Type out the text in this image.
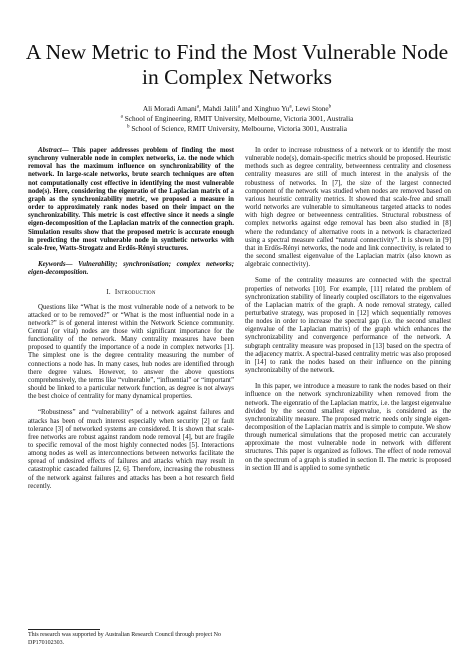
A New Metric to Find the Most Vulnerable Node in Complex Networks
Ali Moradi Amani$^a$, Mahdi Jalili$^a$ and Xinghuo Yu$^a$, Lewi Stone$^b$
$^a$ School of Engineering, RMIT University, Melbourne, Victoria 3001, Australia
$^b$ School of Science, RMIT University, Melbourne, Victoria 3001, Australia

Abstract— This paper addresses problem of finding the most synchrony vulnerable node in complex networks, i.e. the node which removal has the maximum influence on synchronizability of the network. In large-scale networks, brute search techniques are often not computationally cost effective in identifying the most vulnerable node(s). Here, considering the eigenratio of the Laplacian matrix of a graph as the synchronizability metric, we proposed a measure in order to approximately rank nodes based on their impact on the synchronizability. This metric is cost effective since it needs a single eigen-decomposition of the Laplacian matrix of the connection graph. Simulation results show that the proposed metric is accurate enough in predicting the most vulnerable node in synthetic networks with scale-free, Watts-Strogatz and Erdős-Rényi structures.

Keywords— Vulnerability; synchronisation; complex networks; eigen-decomposition.

I. Introduction

Questions like “What is the most vulnerable node of a network to be attacked or to be removed?” or “What is the most influential node in a network?” is of general interest within the Network Science community. Central (or vital) nodes are those with significant importance for the functionality of the network. Many centrality measures have been proposed to quantify the importance of a node in complex networks [1]. The simplest one is the degree centrality measuring the number of connections a node has. In many cases, hub nodes are identified through there degree values. However, to answer the above questions comprehensively, the terms like “vulnerable”, “influential” or “important” should be linked to a particular network function, as degree is not always the best choice of centrality for many dynamical properties.

“Robustness” and “vulnerability” of a network against failures and attacks has been of much interest especially when security [2] or fault tolerance [3] of networked systems are considered. It is shown that scale-free networks are robust against random node removal [4], but are fragile to specific removal of the most highly connected nodes [5]. Interactions among nodes as well as interconnections between networks facilitate the spread of undesired effects of failures and attacks which may result in catastrophic cascaded failures [2, 6]. Therefore, increasing the robustness of the network against failures and attacks has been a hot research field recently.

In order to increase robustness of a network or to identify the most vulnerable node(s), domain-specific metrics should be proposed. Heuristic methods such as degree centrality, betweenness centrality and closeness centrality measures are still of much interest in the analysis of the robustness of networks. In [7], the size of the largest connected component of the network was studied when nodes are removed based on various heuristic centrality metrics. It showed that scale-free and small world networks are vulnerable to simultaneous targeted attacks to nodes with high degree or betweenness centralities. Structural robustness of complex networks against edge removal has been also studied in [8] where the redundancy of alternative roots in a network is characterized using a spectral measure called “natural connectivity”. It is shown in [9] that in Erdős-Rényi networks, the node and link connectivity, is related to the second smallest eigenvalue of the Laplacian matrix (also known as algebraic connectivity).

Some of the centrality measures are connected with the spectral properties of networks [10]. For example, [11] related the problem of synchronization stability of linearly coupled oscillators to the eigenvalues of the Laplacian matrix of the graph. A node removal strategy, called perturbative strategy, was proposed in [12] which sequentially removes the nodes in order to increase the spectral gap (i.e. the second smallest eigenvalue of the Laplacian matrix) of the graph which enhances the synchronizability and convergence performance of the network. A subgraph centrality measure was proposed in [13] based on the spectra of the adjacency matrix. A spectral-based centrality metric was also proposed in [14] to rank the nodes based on their influence on the pinning synchronizabilty of the network.

In this paper, we introduce a measure to rank the nodes based on their influence on the network synchronizability when removed from the network. The eigenratio of the Laplacian matrix, i.e. the largest eigenvalue divided by the second smallest eigenvalue, is considered as the synchronizability measure. The proposed metric needs only single eigen-decomposition of the Laplacian matrix and is simple to compute. We show through numerical simulations that the proposed metric can accurately approximate the most vulnerable node in network with different structures. This paper is organized as follows. The effect of node removal on the spectrum of a graph is studied in section II. The metric is proposed in section III and is applied to some synthetic

This research was supported by Australian Research Council through project No DP170102303.
